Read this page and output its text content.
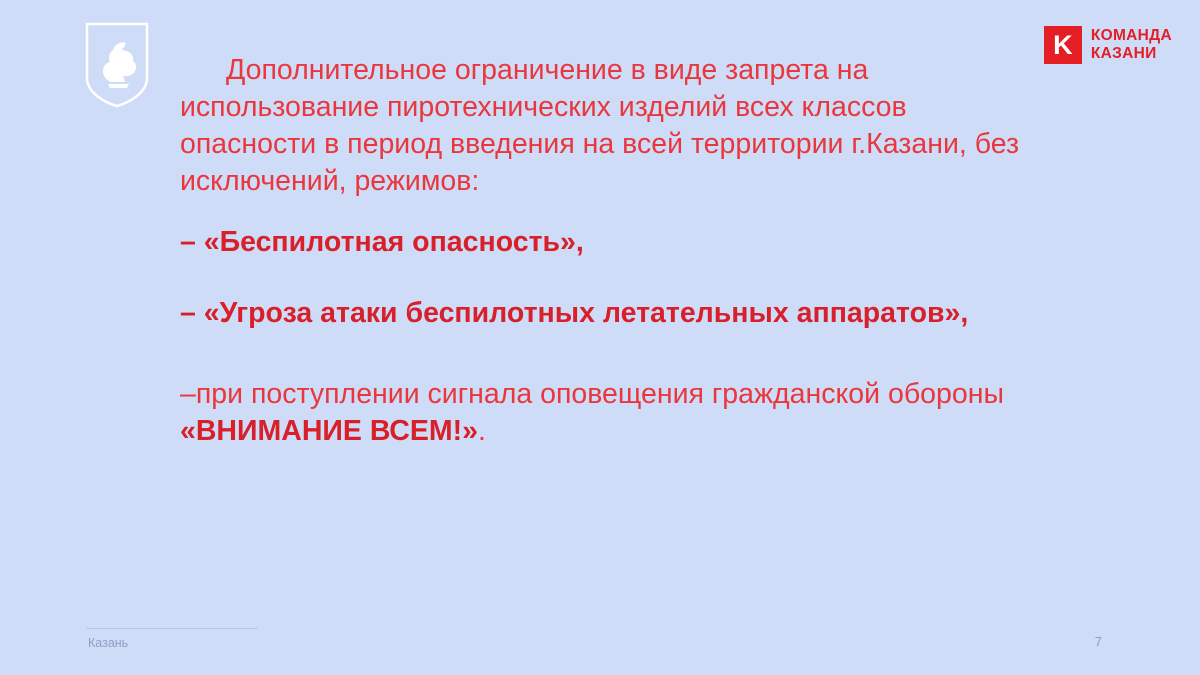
K	КОМАНДА
КАЗАНИ

Дополнительное ограничение в виде запрета на использование пиротехнических изделий всех классов опасности в период введения на всей территории г.Казани, без исключений, режимов:

– «Беспилотная опасность»,

– «Угроза атаки беспилотных летательных аппаратов»,

–при поступлении сигнала оповещения гражданской обороны «ВНИМАНИЕ ВСЕМ!».

Казань	7
